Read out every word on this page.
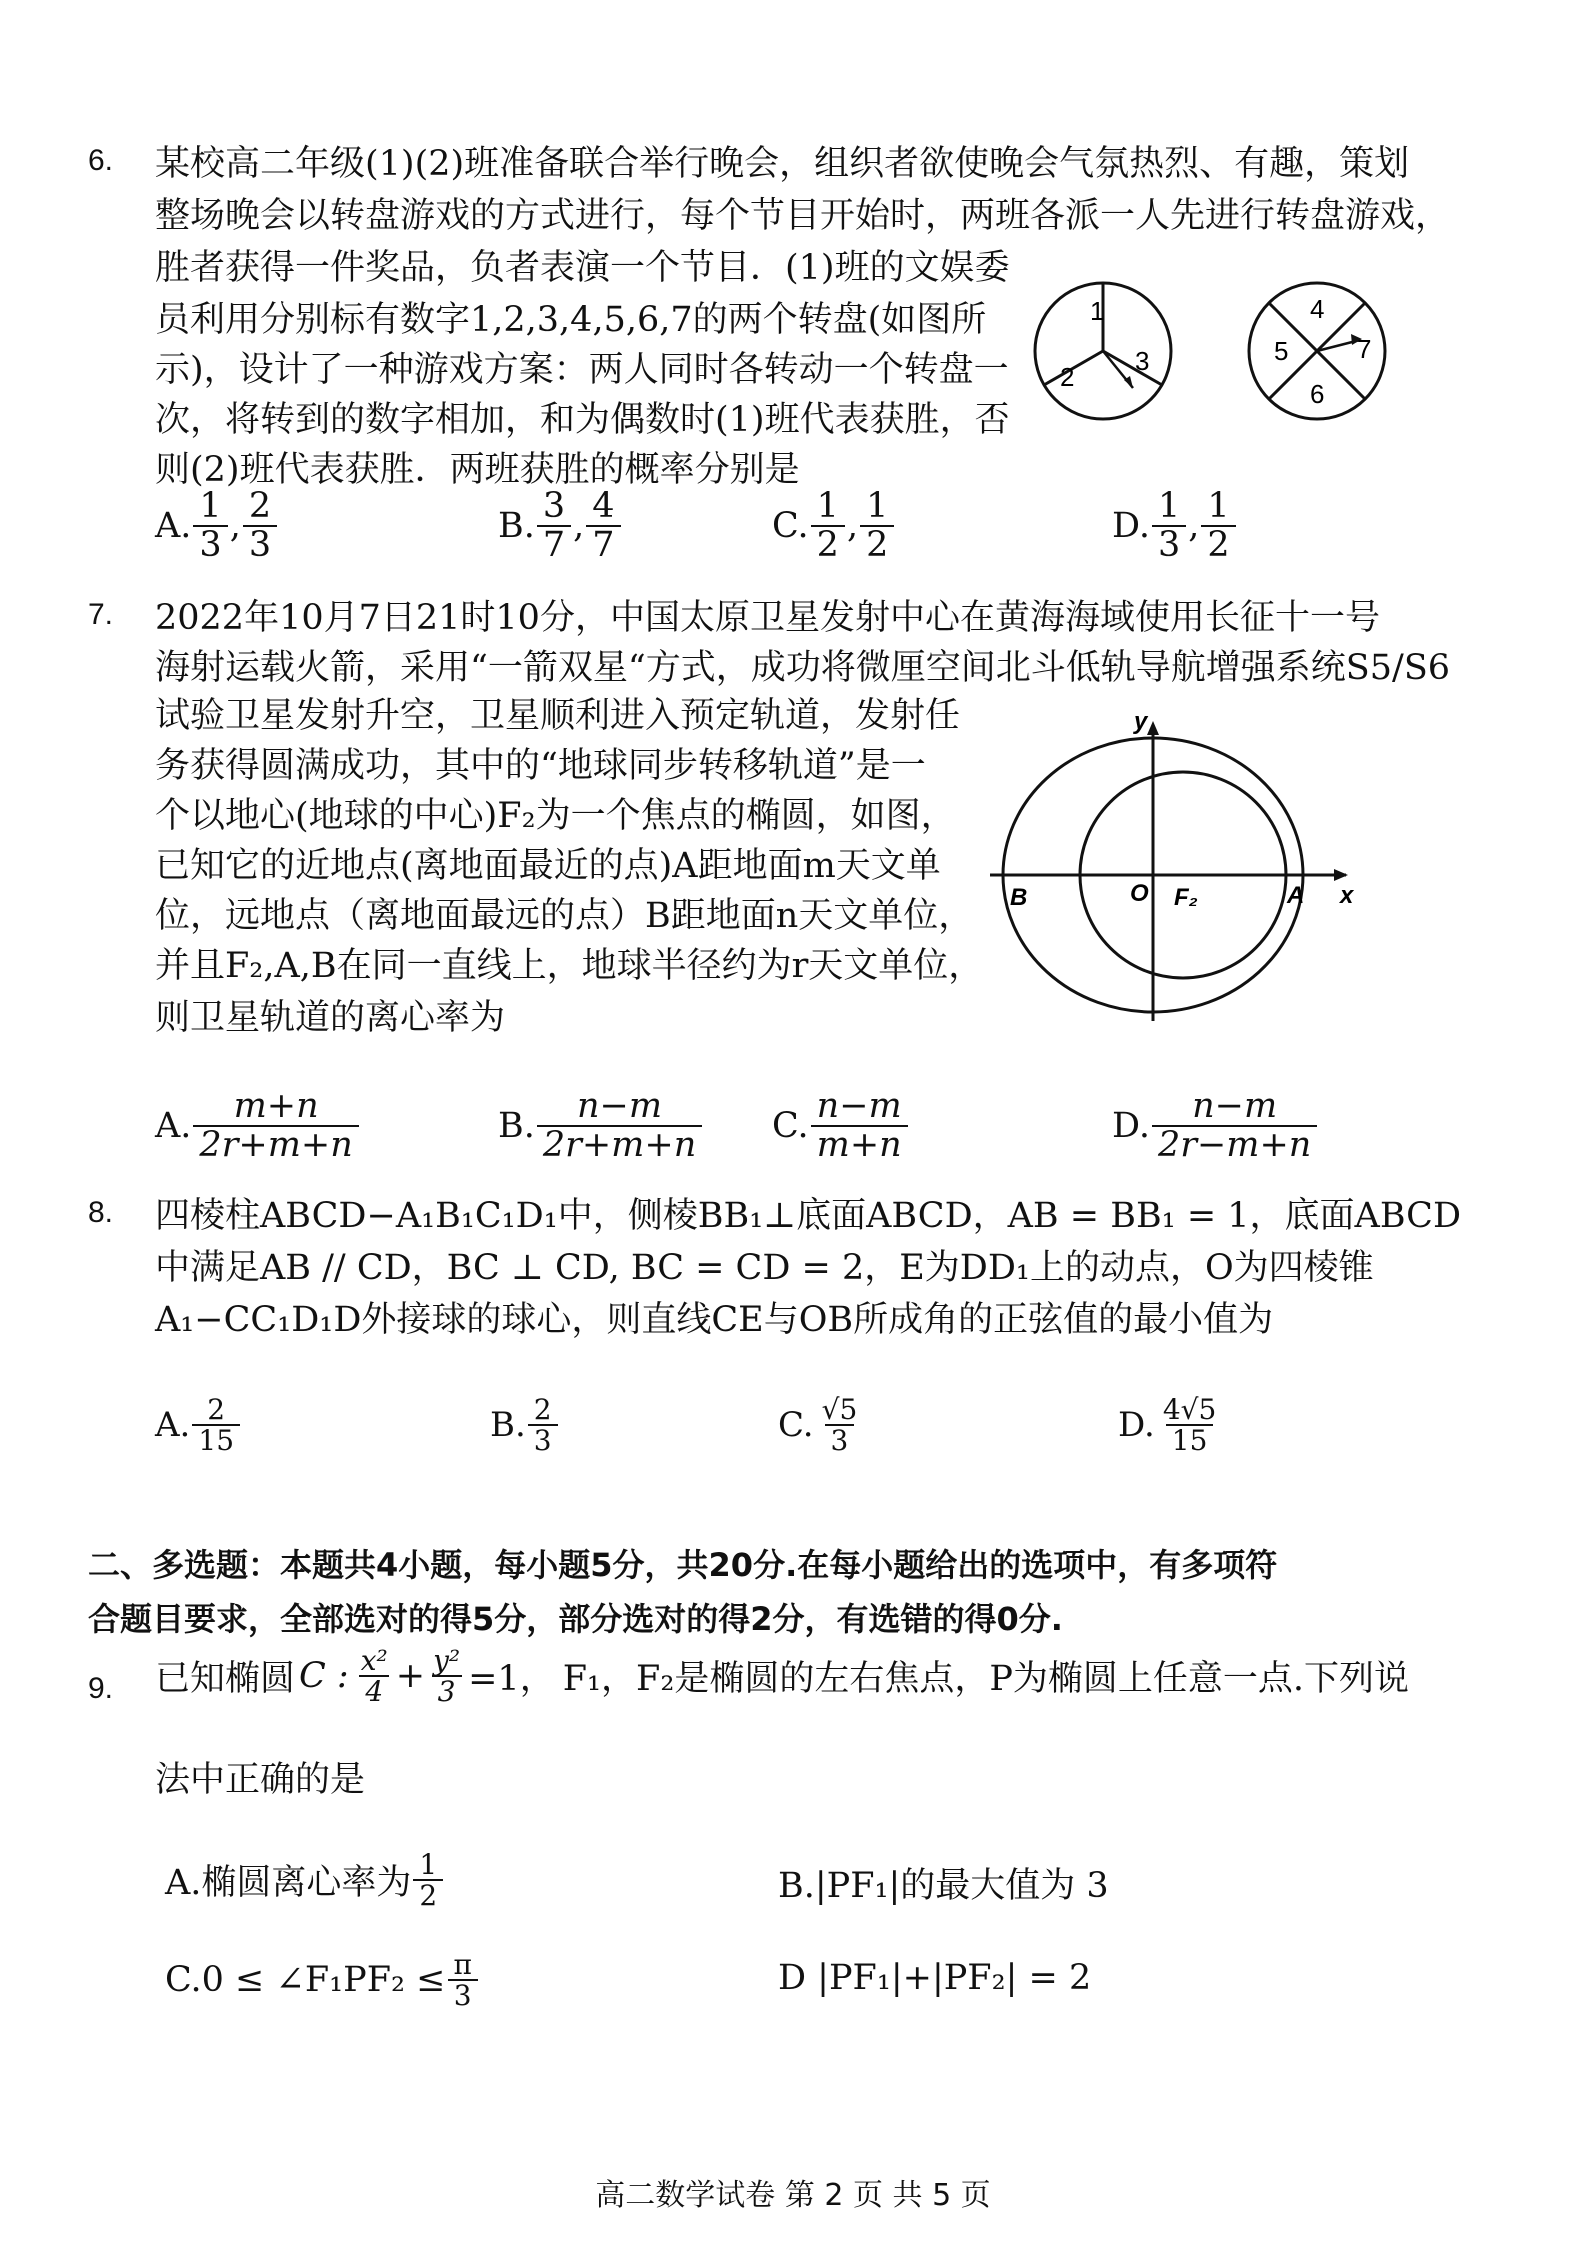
6. 某校高二年级(1)(2)班准备联合举行晚会，组织者欲使晚会气氛热烈、有趣，策划
整场晚会以转盘游戏的方式进行，每个节目开始时，两班各派一人先进行转盘游戏，
胜者获得一件奖品，负者表演一个节目．(1)班的文娱委
员利用分别标有数字1,2,3,4,5,6,7的两个转盘(如图所
示)，设计了一种游戏方案：两人同时各转动一个转盘一
次，将转到的数字相加，和为偶数时(1)班代表获胜，否
则(2)班代表获胜．两班获胜的概率分别是
1
2
3
4
5
6
7
A. $\frac{1}{3}$ , $\frac{2}{3}$	B. $\frac{3}{7}$ , $\frac{4}{7}$	C. $\frac{1}{2}$ , $\frac{1}{2}$	D. $\frac{1}{3}$ , $\frac{1}{2}$
7. 2022年10月7日21时10分，中国太原卫星发射中心在黄海海域使用长征十一号
海射运载火箭，采用“一箭双星“方式，成功将微厘空间北斗低轨导航增强系统S5/S6
试验卫星发射升空，卫星顺利进入预定轨道，发射任
务获得圆满成功，其中的“地球同步转移轨道”是一
个以地心(地球的中心)F₂为一个焦点的椭圆，如图，
已知它的近地点(离地面最近的点)A距地面m天文单
位，远地点（离地面最远的点）B距地面n天文单位，
并且F₂,A,B在同一直线上，地球半径约为r天文单位，
则卫星轨道的离心率为
y
x
B	O F₂	A
A. $\frac{m+n}{2r+m+n}$	B. $\frac{n-m}{2r+m+n} C$. $\frac{n-m}{m+n}$	D. $\frac{n-m}{2r-m+n}$
8. 四棱柱ABCD−A₁B₁C₁D₁中，侧棱BB₁⊥底面ABCD，AB = BB₁ = 1，底面ABCD
中满足AB // CD，BC ⊥ CD, BC = CD = 2，E为DD₁上的动点，O为四棱锥
A₁−CC₁D₁D外接球的球心，则直线CE与OB所成角的正弦值的最小值为
A. $\frac{2}{15}$	B. $\frac{2}{3}$	C. $\frac{√5}{3}$	D. $\frac{4√5}{15}$
二、多选题：本题共4小题，每小题5分，共20分.在每小题给出的选项中，有多项符
合题目要求，全部选对的得5分，部分选对的得2分，有选错的得0分.
9. 已知椭圆 C : $\frac{\text{x²}}{4} + \frac{\text{y²}}{3} =1$， F₁，F₂是椭圆的左右焦点，P为椭圆上任意一点.下列说
法中正确的是
A.椭圆离心率为 $\frac{1}{2}$	B.|PF₁|的最大值为 3
C.0 ≤ ∠F₁PF₂ ≤ $\frac{\pi}{3}$	D |PF₁|+|PF₂| = 2
高二数学试卷 第 2 页 共 5 页
